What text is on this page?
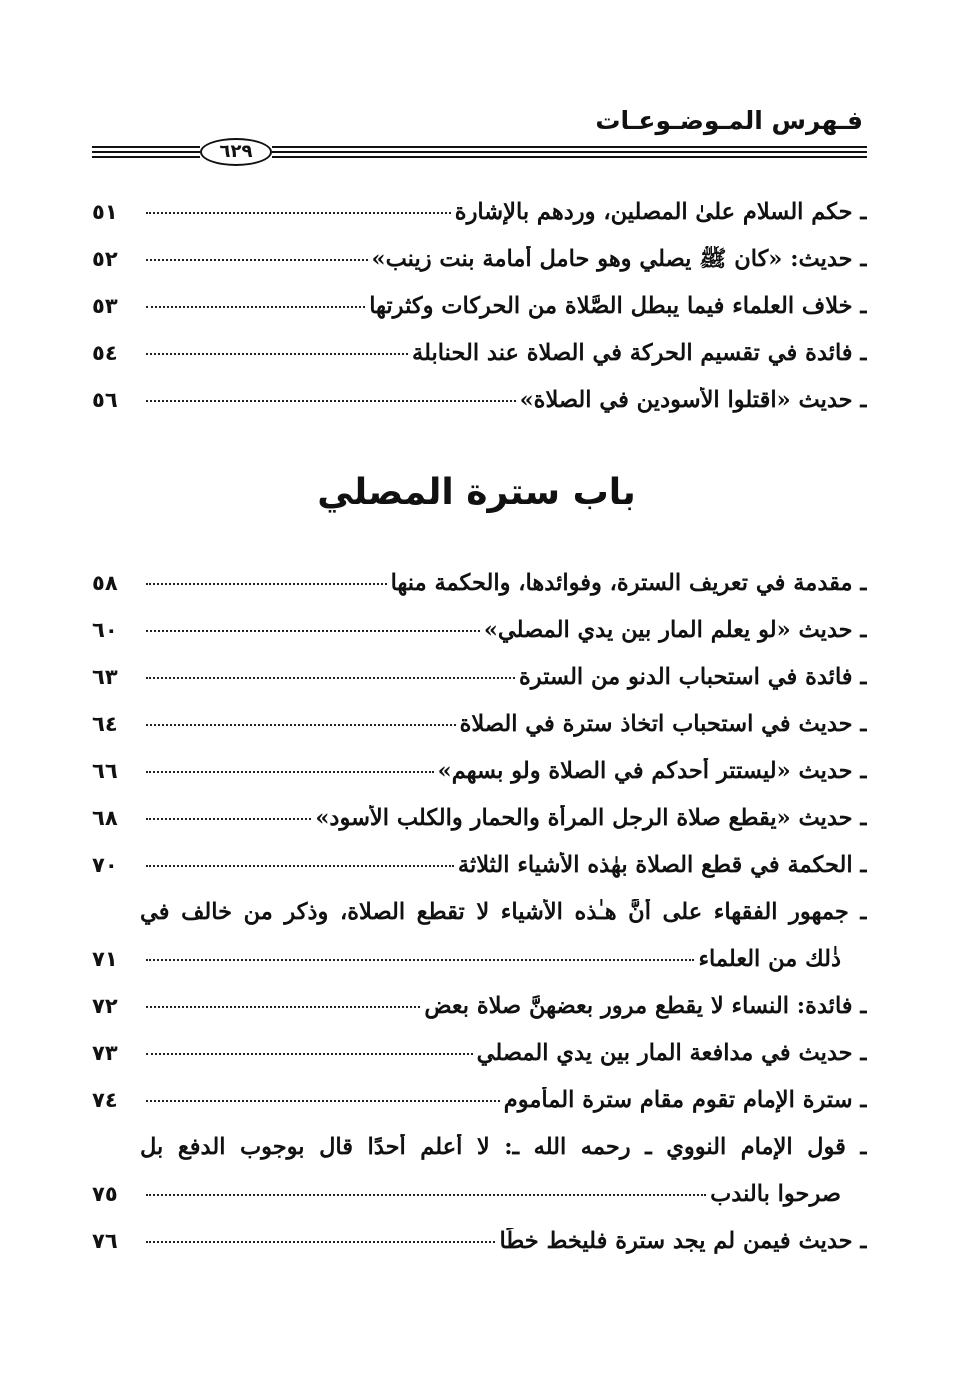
فـهرس المـوضـوعـات
٦٢٩
ـ حكم السلام علىٰ المصلين، وردهم بالإشارة
٥١
ـ حديث: «كان ﷺ يصلي وهو حامل أُمامة بنت زينب»
٥٢
ـ خلاف العلماء فيما يبطل الصَّلاة من الحركات وكثرتها
٥٣
ـ فائدة في تقسيم الحركة في الصلاة عند الحنابلة
٥٤
ـ حديث «اقتلوا الأسودين في الصلاة»
٥٦
باب سترة المصلي
ـ مقدمة في تعريف السترة، وفوائدها، والحكمة منها
٥٨
ـ حديث «لو يعلم المار بين يدي المصلي»
٦٠
ـ فائدة في استحباب الدنو من السترة
٦٣
ـ حديث في استحباب اتخاذ سترة في الصلاة
٦٤
ـ حديث «ليستتر أحدكم في الصلاة ولو بسهم»
٦٦
ـ حديث «يقطع صلاة الرجل المرأة والحمار والكلب الأسود»
٦٨
ـ الحكمة في قطع الصلاة بهٰذه الأشياء الثلاثة
٧٠
ـ جمهور الفقهاء على أنَّ هـٰذه الأشياء لا تقطع الصلاة، وذكر من خالف في
ذٰلك من العلماء
٧١
ـ فائدة: النساء لا يقطع مرور بعضهنَّ صلاة بعض
٧٢
ـ حديث في مدافعة المار بين يدي المصلي
٧٣
ـ سترة الإمام تقوم مقام سترة المأموم
٧٤
ـ قول الإمام النووي ـ رحمه الله ـ: لا أعلم أحدًا قال بوجوب الدفع بل
صرحوا بالندب
٧٥
ـ حديث فيمن لم يجد سترة فليخط خطًا
٧٦
